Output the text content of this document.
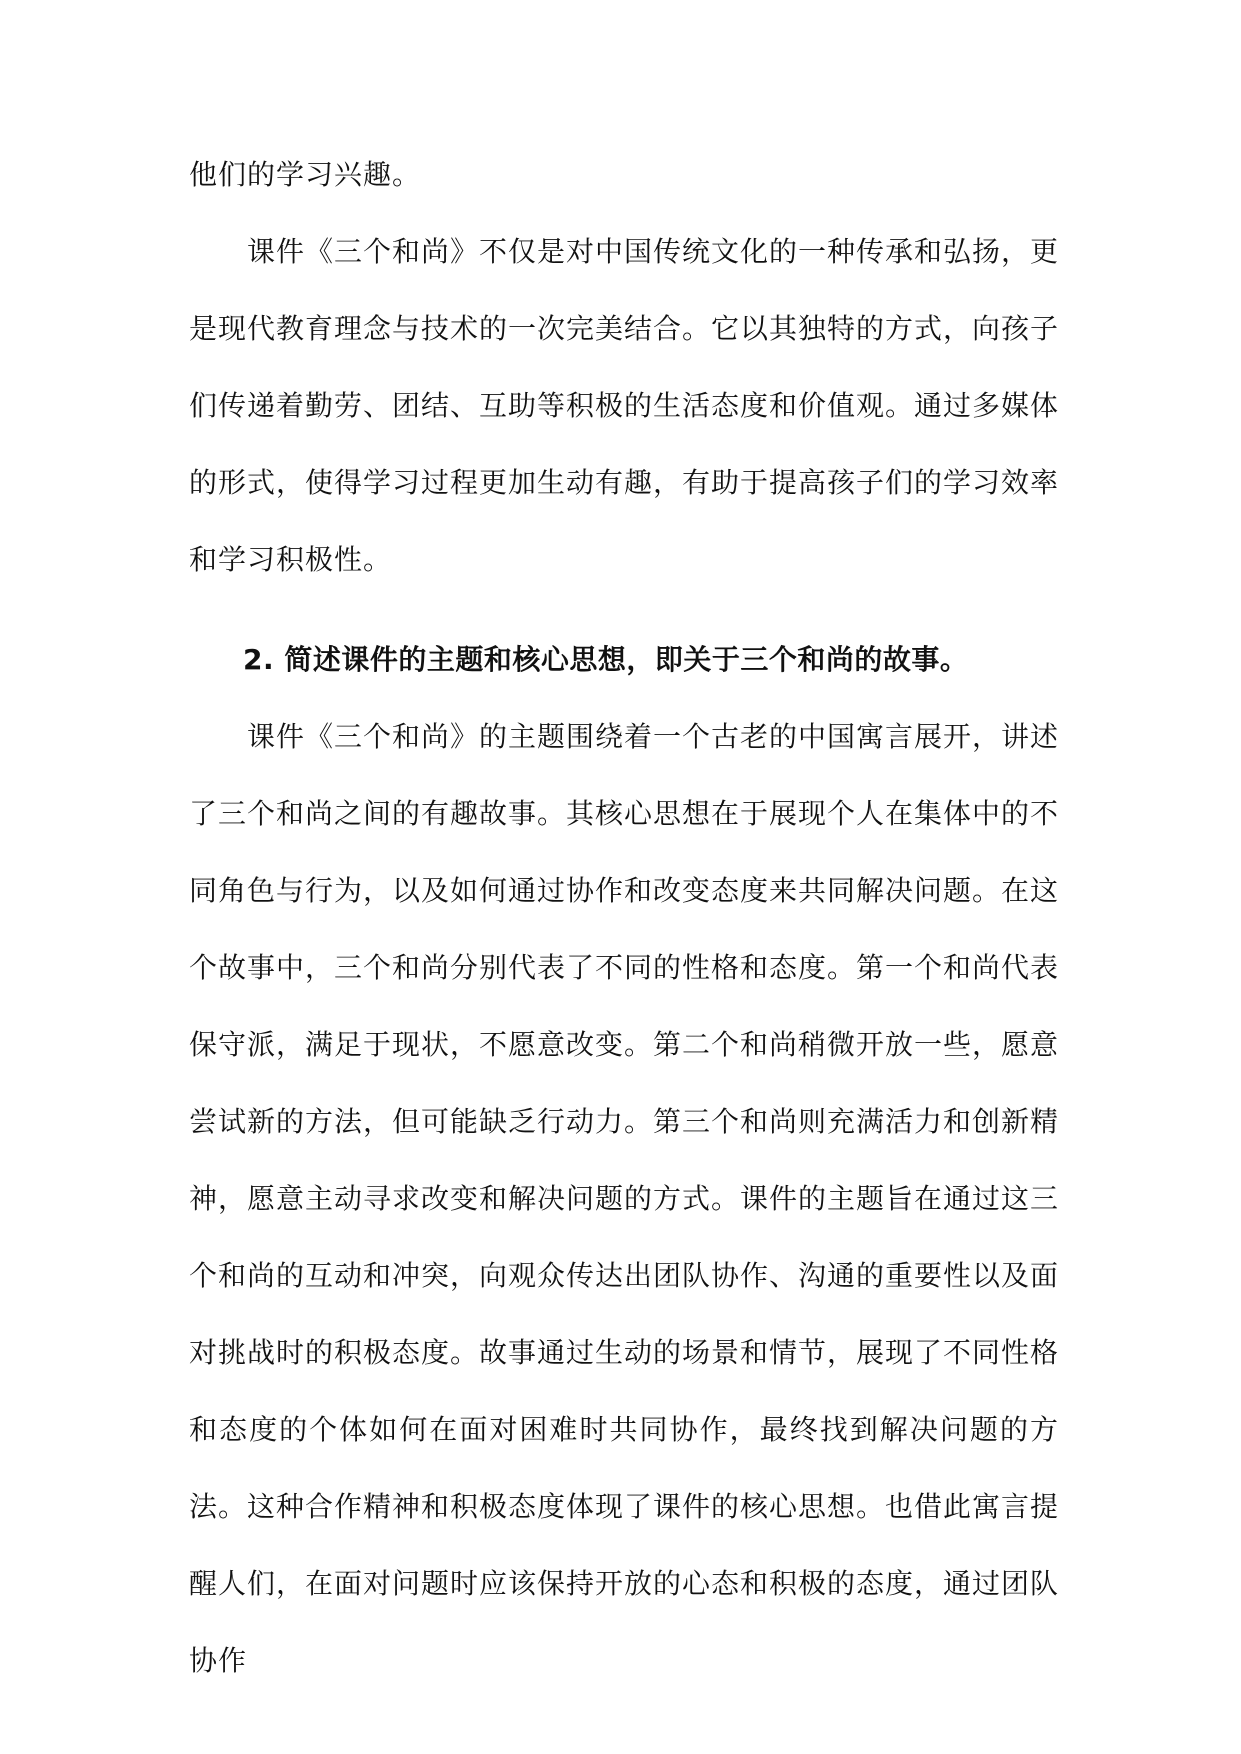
他们的学习兴趣。

课件《三个和尚》不仅是对中国传统文化的一种传承和弘扬，更是现代教育理念与技术的一次完美结合。它以其独特的方式，向孩子们传递着勤劳、团结、互助等积极的生活态度和价值观。通过多媒体的形式，使得学习过程更加生动有趣，有助于提高孩子们的学习效率和学习积极性。

2. 简述课件的主题和核心思想，即关于三个和尚的故事。

课件《三个和尚》的主题围绕着一个古老的中国寓言展开，讲述了三个和尚之间的有趣故事。其核心思想在于展现个人在集体中的不同角色与行为，以及如何通过协作和改变态度来共同解决问题。在这个故事中，三个和尚分别代表了不同的性格和态度。第一个和尚代表保守派，满足于现状，不愿意改变。第二个和尚稍微开放一些，愿意尝试新的方法，但可能缺乏行动力。第三个和尚则充满活力和创新精神，愿意主动寻求改变和解决问题的方式。课件的主题旨在通过这三个和尚的互动和冲突，向观众传达出团队协作、沟通的重要性以及面对挑战时的积极态度。故事通过生动的场景和情节，展现了不同性格和态度的个体如何在面对困难时共同协作，最终找到解决问题的方法。这种合作精神和积极态度体现了课件的核心思想。也借此寓言提醒人们，在面对问题时应该保持开放的心态和积极的态度，通过团队协作
